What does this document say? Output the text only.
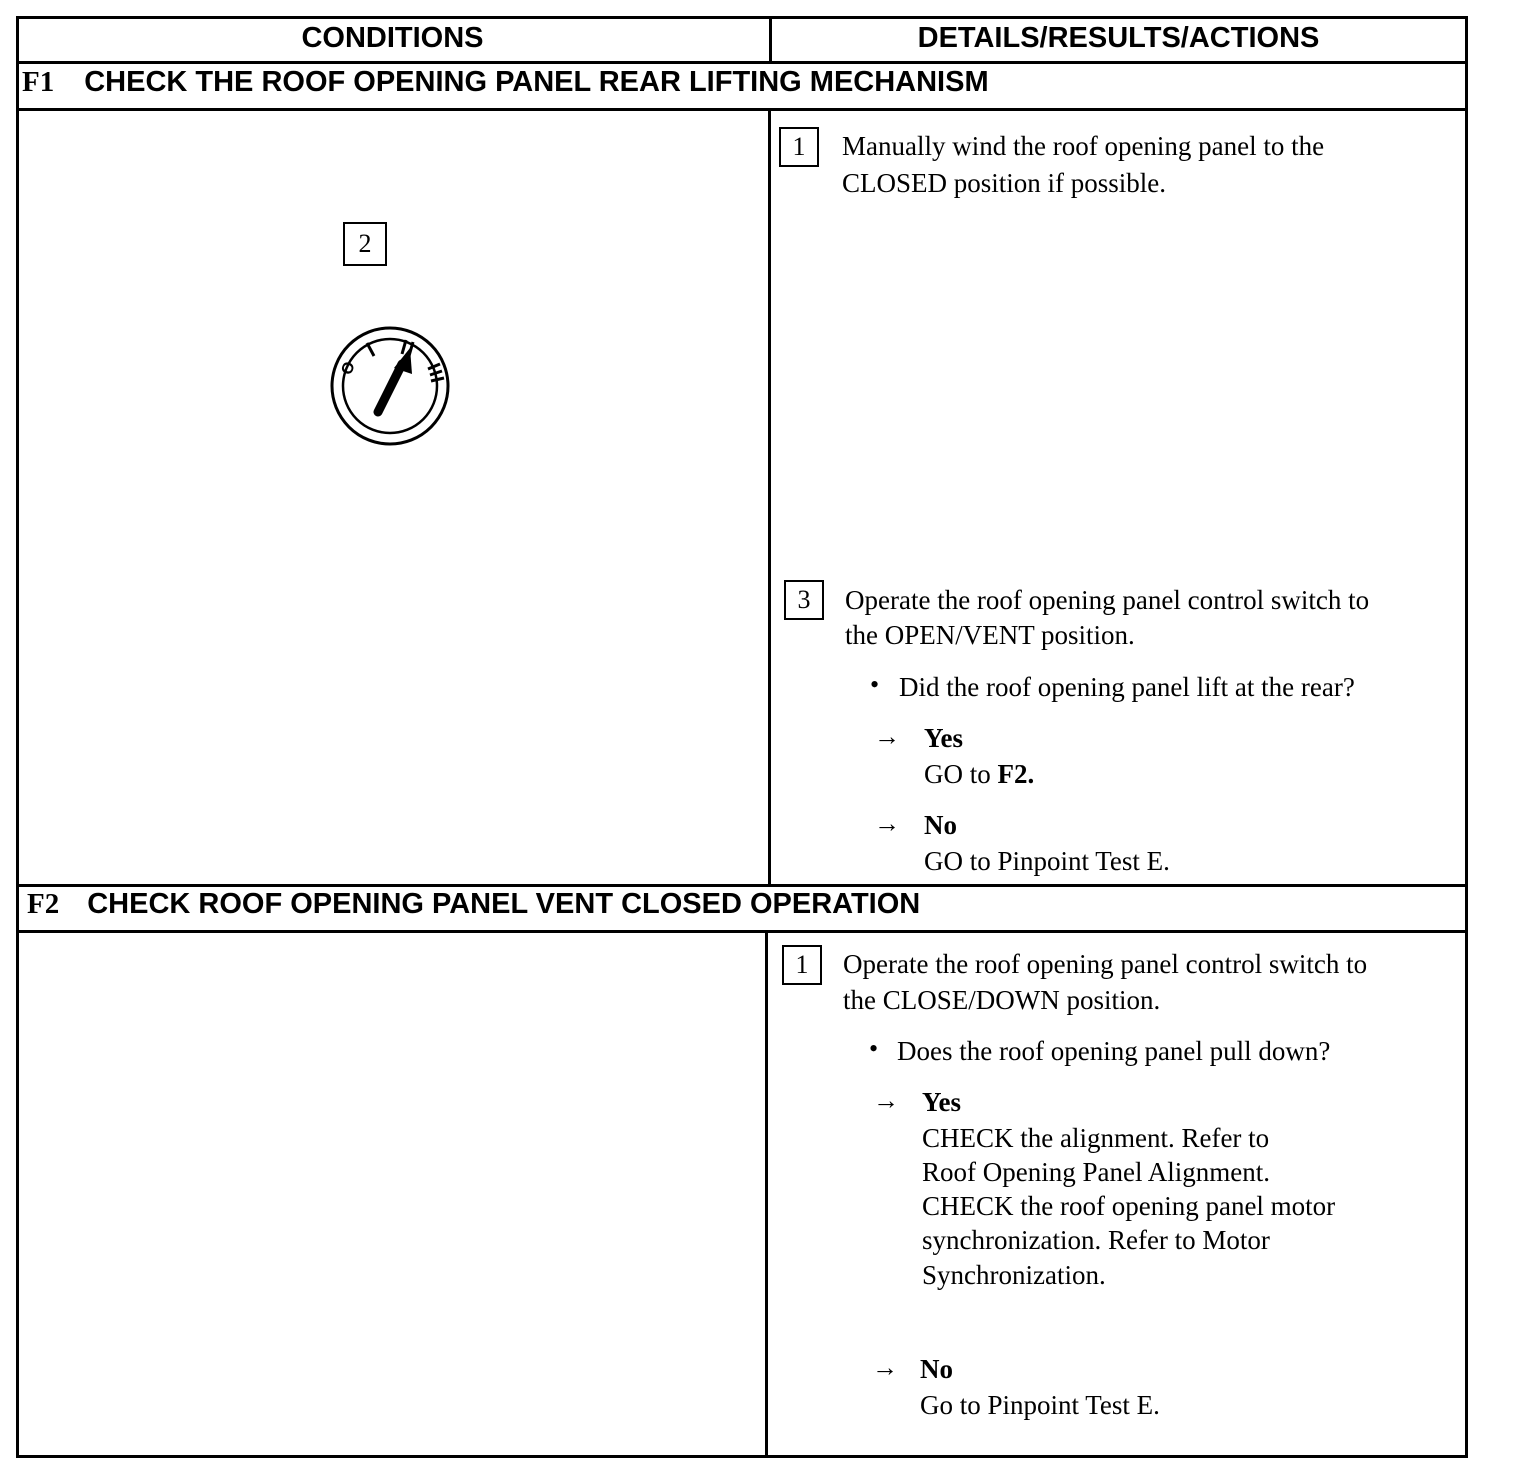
CONDITIONS	DETAILS/RESULTS/ACTIONS
F1 CHECK THE ROOF OPENING PANEL REAR LIFTING MECHANISM
2
O
1	Manually wind the roof opening panel to the
CLOSED position if possible.
3	Operate the roof opening panel control switch to
the OPEN/VENT position.
• Did the roof opening panel lift at the rear?
→ Yes
GO to F2.
→ No
GO to Pinpoint Test E.
F2 CHECK ROOF OPENING PANEL VENT CLOSED OPERATION
1	Operate the roof opening panel control switch to
the CLOSE/DOWN position.
• Does the roof opening panel pull down?
→ Yes
CHECK the alignment. Refer to
Roof Opening Panel Alignment.
CHECK the roof opening panel motor
synchronization. Refer to Motor
Synchronization.
→ No
Go to Pinpoint Test E.
